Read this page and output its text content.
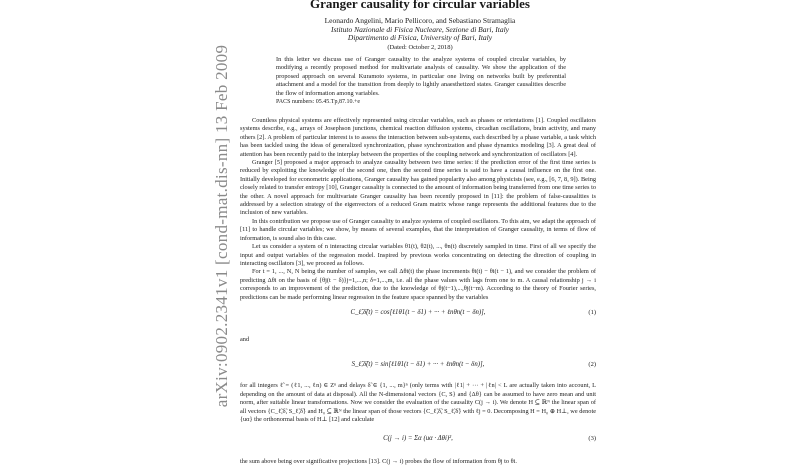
arXiv:0902.2341v1 [cond-mat.dis-nn] 13 Feb 2009
Granger causality for circular variables
Leonardo Angelini, Mario Pellicoro, and Sebastiano Stramaglia
Istituto Nazionale di Fisica Nucleare, Sezione di Bari, Italy
Dipartimento di Fisica, University of Bari, Italy
(Dated: October 2, 2018)
In this letter we discuss use of Granger causality to the analyze systems of coupled circular variables, by modifying a recently proposed method for multivariate analysis of causality. We show the application of the proposed approach on several Kuramoto systems, in particular one living on networks built by preferential attachment and a model for the transition from deeply to lightly anaesthetized states. Granger causalities describe the flow of information among variables.
PACS numbers: 05.45.Tp,87.10.+e

Countless physical systems are effectively represented using circular variables, such as phases or orientations [1]. Coupled oscillators systems describe, e.g., arrays of Josephson junctions, chemical reaction diffusion systems, circadian oscillations, brain activity, and many others [2]. A problem of particular interest is to assess the interaction between sub-systems, each described by a phase variable, a task which has been tackled using the ideas of generalized synchronization, phase synchronization and phase dynamics modeling [3]. A great deal of attention has been recently paid to the interplay between the properties of the coupling network and synchronization of oscillators [4].

Granger [5] proposed a major approach to analyze causality between two time series: if the prediction error of the first time series is reduced by exploiting the knowledge of the second one, then the second time series is said to have a causal influence on the first one. Initially developed for econometric applications, Granger causality has gained popularity also among physicists (see, e.g., [6, 7, 8, 9]). Being closely related to transfer entropy [10], Granger causality is connected to the amount of information being transferred from one time series to the other. A novel approach for multivariate Granger causality has been recently proposed in [11]: the problem of false-causalities is addressed by a selection strategy of the eigenvectors of a reduced Gram matrix whose range represents the additional features due to the inclusion of new variables.

In this contribution we propose use of Granger causality to analyze systems of coupled oscillators. To this aim, we adapt the approach of [11] to handle circular variables; we show, by means of several examples, that the interpretation of Granger causality, in terms of flow of information, is sound also in this case.

Let us consider a system of n interacting circular variables θ1(t), θ2(t), ..., θn(t) discretely sampled in time. First of all we specify the input and output variables of the regression model. Inspired by previous works concentrating on detecting the direction of coupling in interacting oscillators [3], we proceed as follows.

For t = 1, ..., N, N being the number of samples, we call Δθi(t) the phase increments θi(t) − θi(t − 1), and we consider the problem of predicting Δθi on the basis of {θj(t − δ)}j=1,...,n; δ=1,...,m, i.e. all the phase values with lags from one to m. A causal relationship j → i corresponds to an improvement of the prediction, due to the knowledge of θj(t−1),...,θj(t−m). According to the theory of Fourier series, predictions can be made performing linear regression in the feature space spanned by the variables

C_ℓ̃,δ̃(t) = cos[ℓ1θ1(t − δ1) + ··· + ℓnθn(t − δn)],	(1)

and

S_ℓ̃,δ̃(t) = sin[ℓ1θ1(t − δ1) + ··· + ℓnθn(t − δn)],	(2)

for all integers ℓ̃ = (ℓ1, ..., ℓn) ∈ Zⁿ and delays δ̃ ∈ {1, ..., m}ⁿ (only terms with |ℓ1| + ··· + |ℓn| < L are actually taken into account, L depending on the amount of data at disposal). All the N-dimensional vectors {C, S} and {Δθ} can be assumed to have zero mean and unit norm, after suitable linear transformations. Now we consider the evaluation of the causality C(j → i). We denote H ⊆ ℝᴺ the linear span of all vectors {C_ℓ̃,δ̃, S_ℓ̃,δ̃} and H₀ ⊆ ℝᴺ the linear span of those vectors {C_ℓ̃,δ̃, S_ℓ̃,δ̃} with ℓj = 0. Decomposing H = H₀ ⊕ H⊥, we denote {uα} the orthonormal basis of H⊥ [12] and calculate

C(j → i) = Σα (uα · Δθi)²,	(3)

the sum above being over significative projections [13]. C(j → i) probes the flow of information from θj to θi.
